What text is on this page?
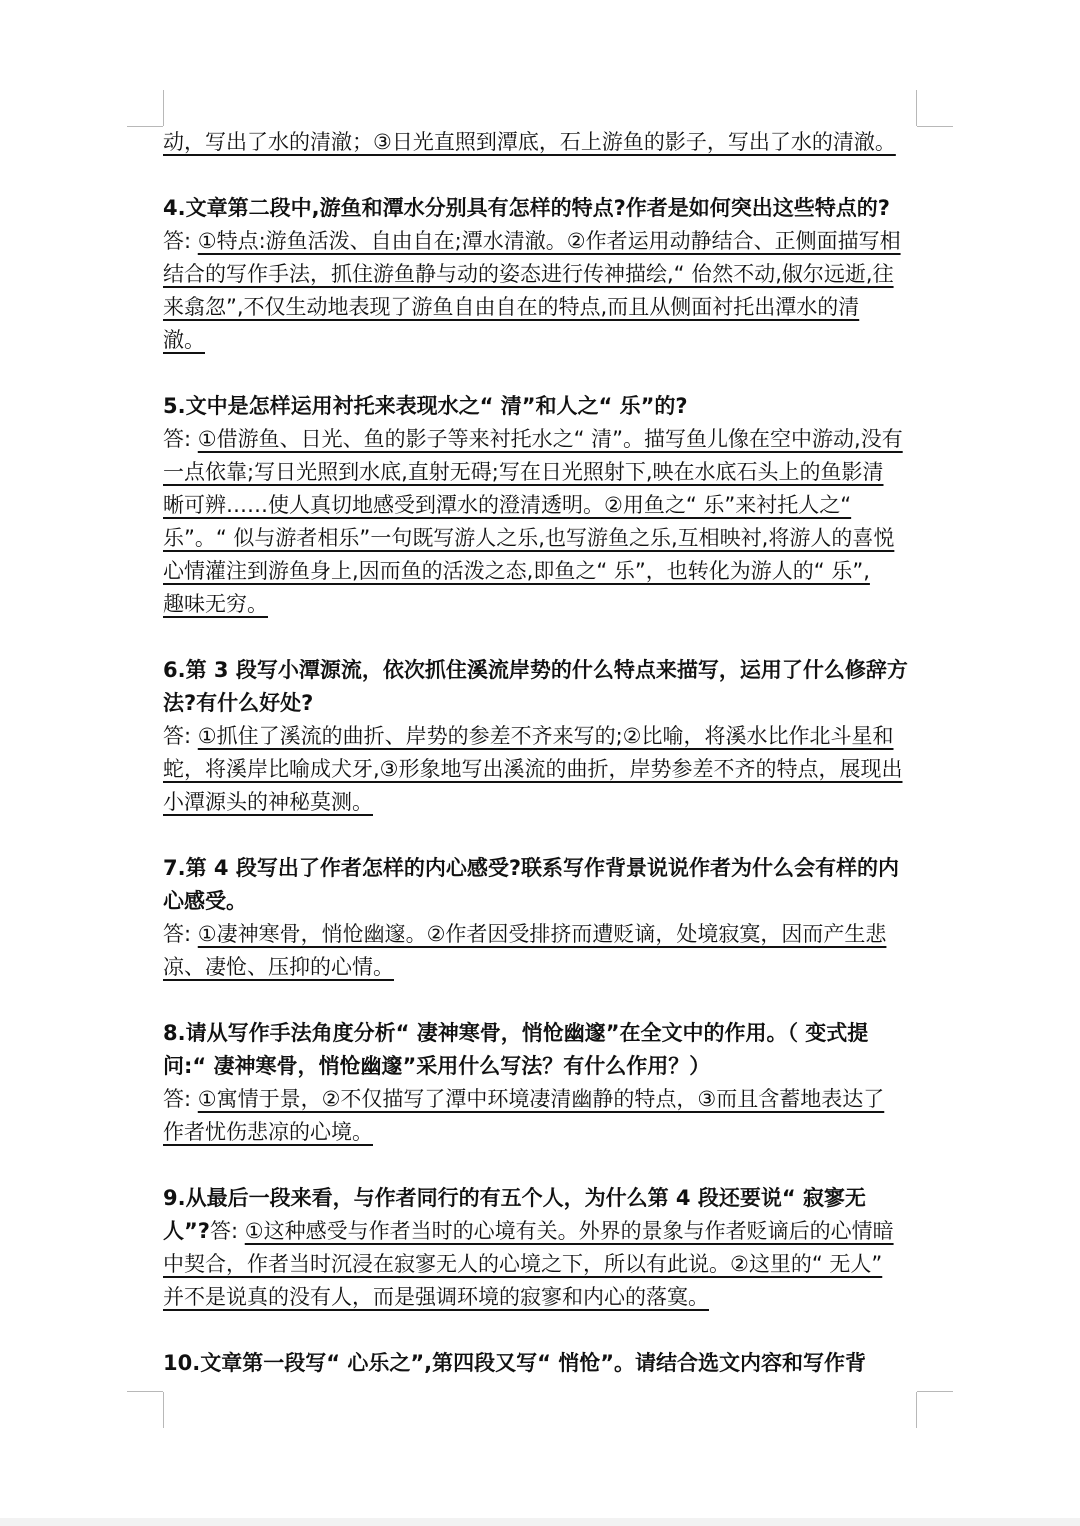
动，写出了水的清澈；③日光直照到潭底，石上游鱼的影子，写出了水的清澈。
4.文章第二段中,游鱼和潭水分别具有怎样的特点?作者是如何突出这些特点的?
答: ①特点:游鱼活泼、自由自在;潭水清澈。②作者运用动静结合、正侧面描写相
结合的写作手法，抓住游鱼静与动的姿态进行传神描绘,“ 佁然不动,俶尔远逝,往
来翕忽”,不仅生动地表现了游鱼自由自在的特点,而且从侧面衬托出潭水的清
澈。
5.文中是怎样运用衬托来表现水之“ 清”和人之“ 乐”的?
答: ①借游鱼、日光、鱼的影子等来衬托水之“ 清”。描写鱼儿像在空中游动,没有
一点依靠;写日光照到水底,直射无碍;写在日光照射下,映在水底石头上的鱼影清
晰可辨……使人真切地感受到潭水的澄清透明。②用鱼之“ 乐”来衬托人之“
乐”。“ 似与游者相乐”一句既写游人之乐,也写游鱼之乐,互相映衬,将游人的喜悦
心情灌注到游鱼身上,因而鱼的活泼之态,即鱼之“ 乐”，也转化为游人的“ 乐”,
趣味无穷。
6.第 3 段写小潭源流，依次抓住溪流岸势的什么特点来描写，运用了什么修辞方
法?有什么好处?
答: ①抓住了溪流的曲折、岸势的参差不齐来写的;②比喻，将溪水比作北斗星和
蛇，将溪岸比喻成犬牙,③形象地写出溪流的曲折，岸势参差不齐的特点，展现出
小潭源头的神秘莫测。
7.第 4 段写出了作者怎样的内心感受?联系写作背景说说作者为什么会有样的内
心感受。
答: ①凄神寒骨，悄怆幽邃。②作者因受排挤而遭贬谪，处境寂寞，因而产生悲
凉、凄怆、压抑的心情。
8.请从写作手法角度分析“ 凄神寒骨，悄怆幽邃”在全文中的作用。（ 变式提
问:“ 凄神寒骨，悄怆幽邃”采用什么写法？有什么作用？）
答: ①寓情于景，②不仅描写了潭中环境凄清幽静的特点，③而且含蓄地表达了
作者忧伤悲凉的心境。
9.从最后一段来看，与作者同行的有五个人，为什么第 4 段还要说“ 寂寥无
人”?答: ①这种感受与作者当时的心境有关。外界的景象与作者贬谪后的心情暗
中契合，作者当时沉浸在寂寥无人的心境之下，所以有此说。②这里的“ 无人”
并不是说真的没有人，而是强调环境的寂寥和内心的落寞。
10.文章第一段写“ 心乐之”,第四段又写“ 悄怆”。请结合选文内容和写作背
